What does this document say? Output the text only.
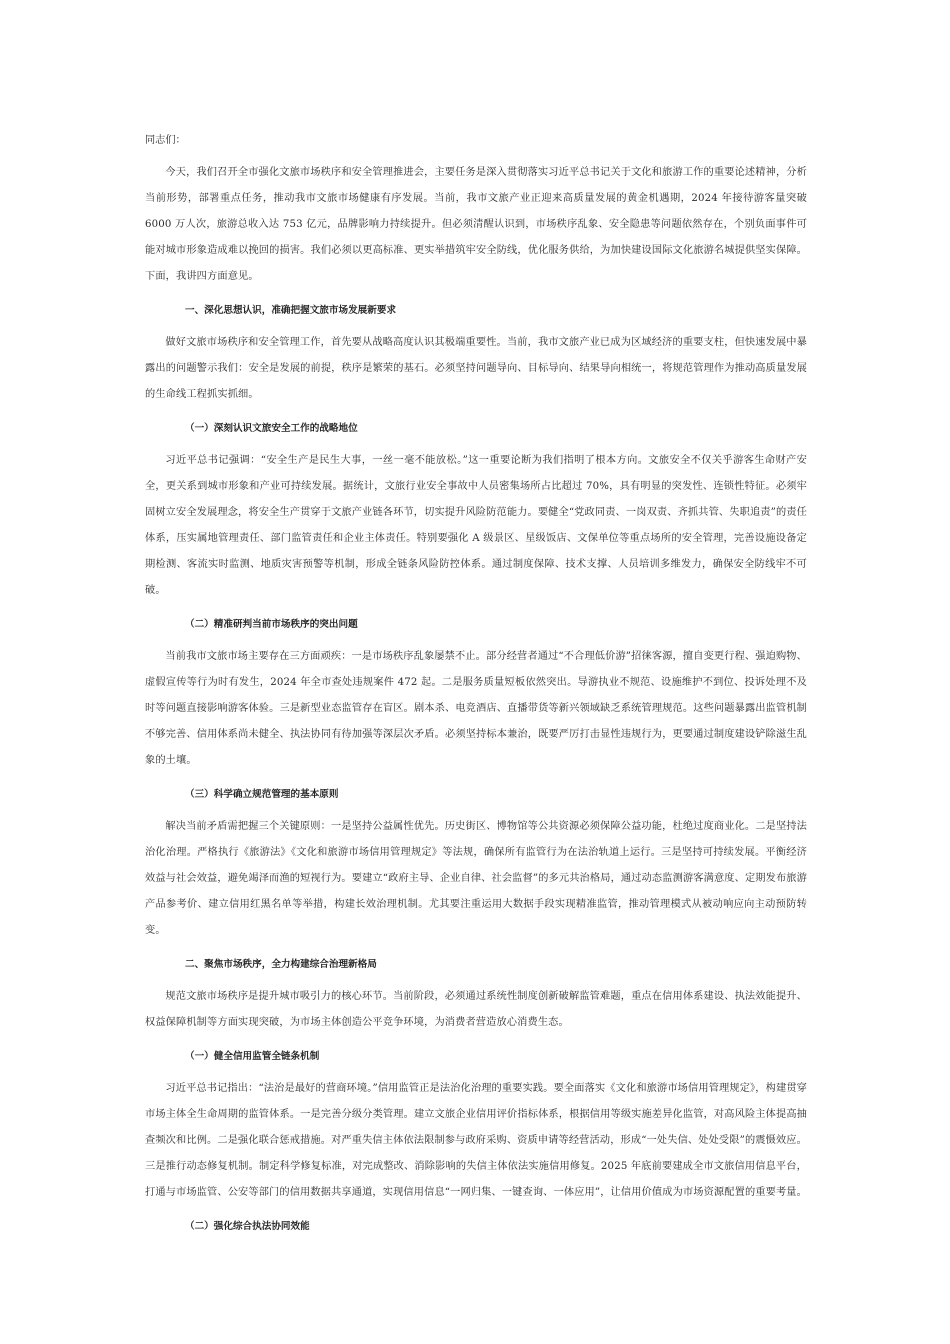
同志们：

今天，我们召开全市强化文旅市场秩序和安全管理推进会，主要任务是深入贯彻落实习近平总书记关于文化和旅游工作的重要论述精神，分析当前形势，部署重点任务，推动我市文旅市场健康有序发展。当前，我市文旅产业正迎来高质量发展的黄金机遇期，2024 年接待游客量突破 6000 万人次，旅游总收入达 753 亿元，品牌影响力持续提升。但必须清醒认识到，市场秩序乱象、安全隐患等问题依然存在，个别负面事件可能对城市形象造成难以挽回的损害。我们必须以更高标准、更实举措筑牢安全防线，优化服务供给，为加快建设国际文化旅游名城提供坚实保障。下面，我讲四方面意见。

一、深化思想认识，准确把握文旅市场发展新要求

做好文旅市场秩序和安全管理工作，首先要从战略高度认识其极端重要性。当前，我市文旅产业已成为区域经济的重要支柱，但快速发展中暴露出的问题警示我们：安全是发展的前提，秩序是繁荣的基石。必须坚持问题导向、目标导向、结果导向相统一，将规范管理作为推动高质量发展的生命线工程抓实抓细。

（一）深刻认识文旅安全工作的战略地位

习近平总书记强调：“安全生产是民生大事，一丝一毫不能放松。”这一重要论断为我们指明了根本方向。文旅安全不仅关乎游客生命财产安全，更关系到城市形象和产业可持续发展。据统计，文旅行业安全事故中人员密集场所占比超过 70%，具有明显的突发性、连锁性特征。必须牢固树立安全发展理念，将安全生产贯穿于文旅产业链各环节，切实提升风险防范能力。要健全“党政同责、一岗双责、齐抓共管、失职追责”的责任体系，压实属地管理责任、部门监管责任和企业主体责任。特别要强化 A 级景区、星级饭店、文保单位等重点场所的安全管理，完善设施设备定期检测、客流实时监测、地质灾害预警等机制，形成全链条风险防控体系。通过制度保障、技术支撑、人员培训多维发力，确保安全防线牢不可破。

（二）精准研判当前市场秩序的突出问题

当前我市文旅市场主要存在三方面顽疾：一是市场秩序乱象屡禁不止。部分经营者通过“不合理低价游”招徕客源，擅自变更行程、强迫购物、虚假宣传等行为时有发生，2024 年全市查处违规案件 472 起。二是服务质量短板依然突出。导游执业不规范、设施维护不到位、投诉处理不及时等问题直接影响游客体验。三是新型业态监管存在盲区。剧本杀、电竞酒店、直播带货等新兴领域缺乏系统管理规范。这些问题暴露出监管机制不够完善、信用体系尚未健全、执法协同有待加强等深层次矛盾。必须坚持标本兼治，既要严厉打击显性违规行为，更要通过制度建设铲除滋生乱象的土壤。

（三）科学确立规范管理的基本原则

解决当前矛盾需把握三个关键原则：一是坚持公益属性优先。历史街区、博物馆等公共资源必须保障公益功能，杜绝过度商业化。二是坚持法治化治理。严格执行《旅游法》《文化和旅游市场信用管理规定》等法规，确保所有监管行为在法治轨道上运行。三是坚持可持续发展。平衡经济效益与社会效益，避免竭泽而渔的短视行为。要建立“政府主导、企业自律、社会监督”的多元共治格局，通过动态监测游客满意度、定期发布旅游产品参考价、建立信用红黑名单等举措，构建长效治理机制。尤其要注重运用大数据手段实现精准监管，推动管理模式从被动响应向主动预防转变。

二、聚焦市场秩序，全力构建综合治理新格局

规范文旅市场秩序是提升城市吸引力的核心环节。当前阶段，必须通过系统性制度创新破解监管难题，重点在信用体系建设、执法效能提升、权益保障机制等方面实现突破，为市场主体创造公平竞争环境，为消费者营造放心消费生态。

（一）健全信用监管全链条机制

习近平总书记指出：“法治是最好的营商环境。”信用监管正是法治化治理的重要实践。要全面落实《文化和旅游市场信用管理规定》，构建贯穿市场主体全生命周期的监管体系。一是完善分级分类管理。建立文旅企业信用评价指标体系，根据信用等级实施差异化监管，对高风险主体提高抽查频次和比例。二是强化联合惩戒措施。对严重失信主体依法限制参与政府采购、资质申请等经营活动，形成“一处失信、处处受限”的震慑效应。三是推行动态修复机制。制定科学修复标准，对完成整改、消除影响的失信主体依法实施信用修复。2025 年底前要建成全市文旅信用信息平台，打通与市场监管、公安等部门的信用数据共享通道，实现信用信息“一网归集、一键查询、一体应用”，让信用价值成为市场资源配置的重要考量。

（二）强化综合执法协同效能
